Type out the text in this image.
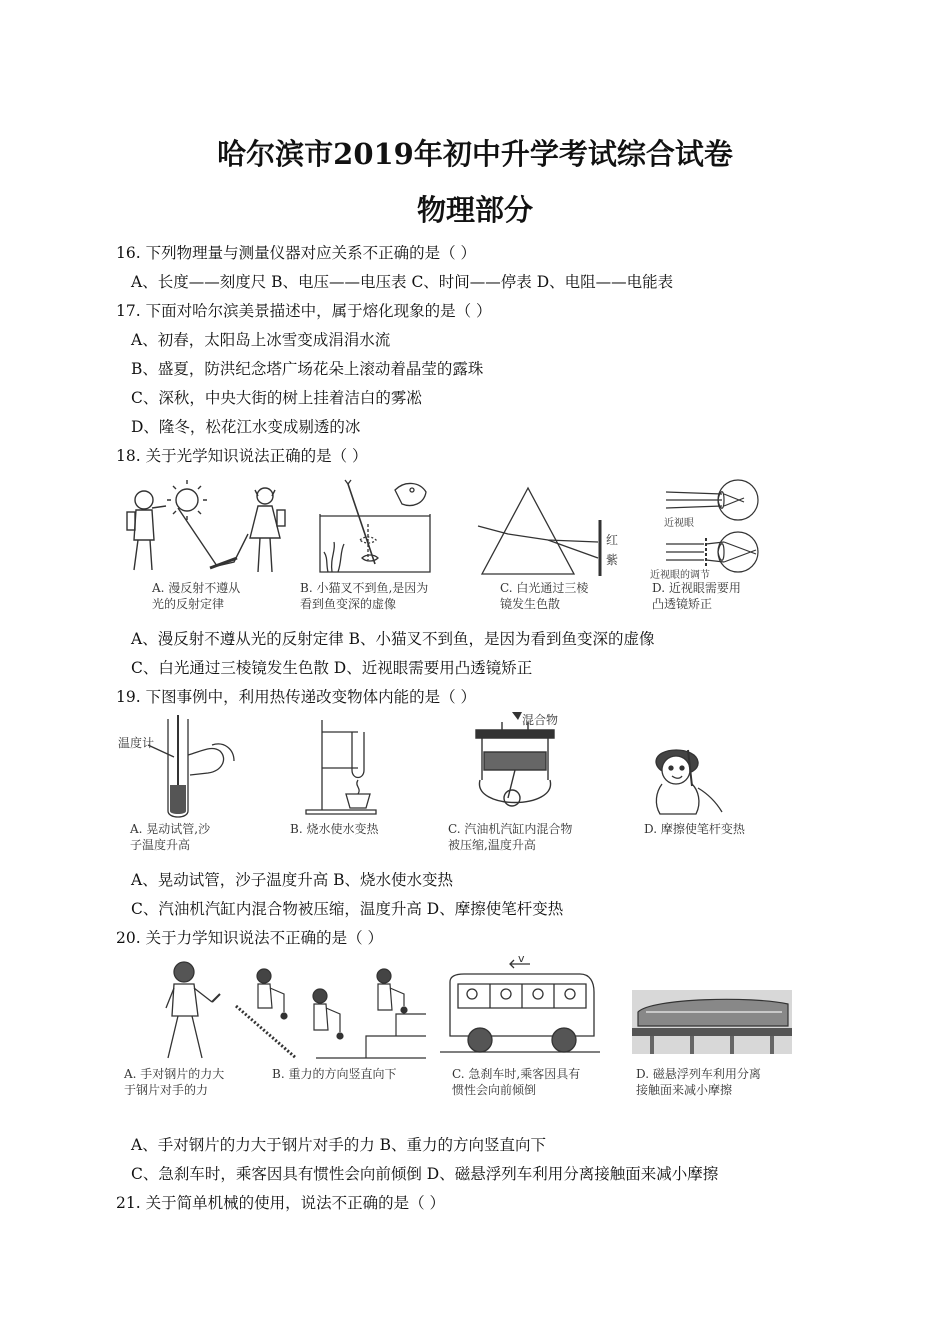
哈尔滨市2019年初中升学考试综合试卷
物理部分
16. 下列物理量与测量仪器对应关系不正确的是（ ）
A、长度——刻度尺 B、电压——电压表 C、时间——停表 D、电阻——电能表
17. 下面对哈尔滨美景描述中，属于熔化现象的是（ ）
A、初春，太阳岛上冰雪变成涓涓水流
B、盛夏，防洪纪念塔广场花朵上滚动着晶莹的露珠
C、深秋，中央大街的树上挂着洁白的雾凇
D、隆冬，松花江水变成剔透的冰
18. 关于光学知识说法正确的是（ ）
A. 漫反射不遵从
光的反射定律
B. 小猫叉不到鱼,是因为
看到鱼变深的虚像
红
紫
C. 白光通过三棱
镜发生色散
近视眼
近视眼的调节
D. 近视眼需要用
凸透镜矫正
A、漫反射不遵从光的反射定律 B、小猫叉不到鱼，是因为看到鱼变深的虚像
C、白光通过三棱镜发生色散 D、近视眼需要用凸透镜矫正
19. 下图事例中，利用热传递改变物体内能的是（ ）
温度计
A. 晃动试管,沙
子温度升高
B. 烧水使水变热
混合物
C. 汽油机汽缸内混合物
被压缩,温度升高
D. 摩擦使笔杆变热
A、晃动试管，沙子温度升高 B、烧水使水变热
C、汽油机汽缸内混合物被压缩，温度升高 D、摩擦使笔杆变热
20. 关于力学知识说法不正确的是（ ）
A. 手对钢片的力大
于钢片对手的力
B. 重力的方向竖直向下
v
C. 急刹车时,乘客因具有
惯性会向前倾倒
D. 磁悬浮列车利用分离
接触面来减小摩擦
A、手对钢片的力大于钢片对手的力 B、重力的方向竖直向下
C、急刹车时，乘客因具有惯性会向前倾倒 D、磁悬浮列车利用分离接触面来减小摩擦
21. 关于简单机械的使用，说法不正确的是（ ）
